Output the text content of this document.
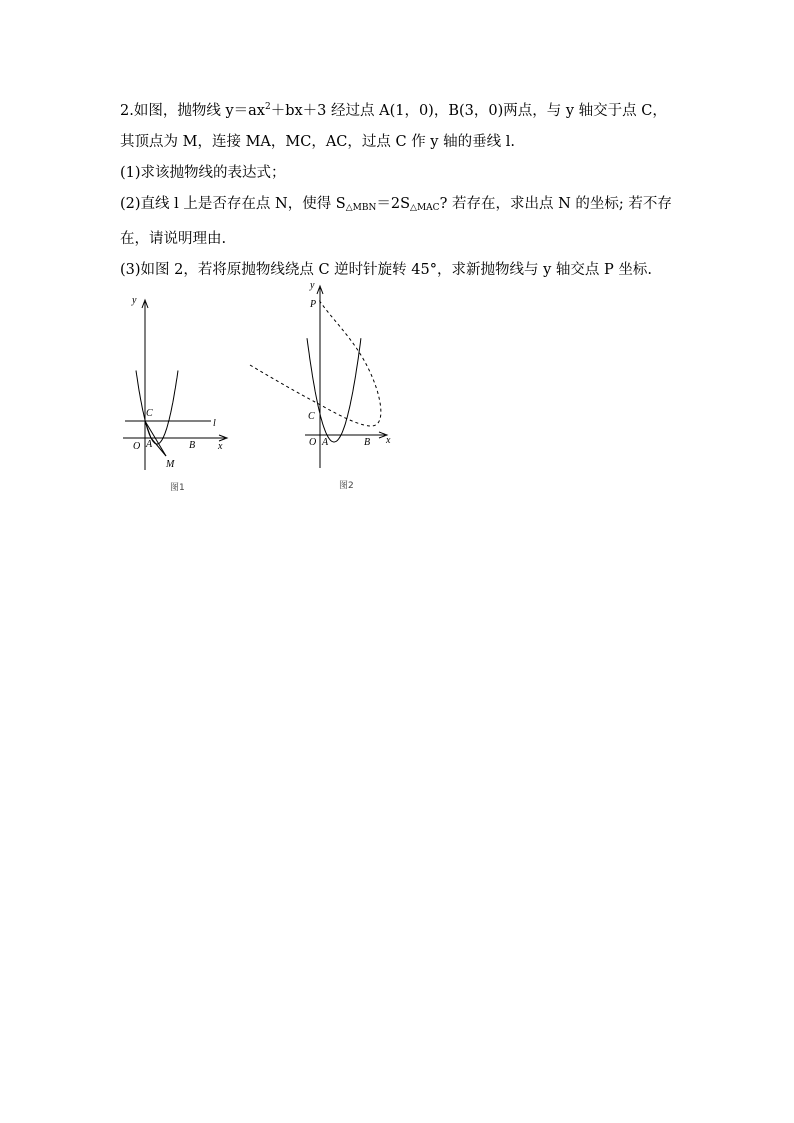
2.如图，抛物线 $y=ax^2+bx+3$ 经过点 A(1，0)，B(3，0)两点，与 y 轴交于点 C，
其顶点为 M，连接 MA，MC，AC，过点 C 作 y 轴的垂线 l.
(1)求该抛物线的表达式；
(2)直线 l 上是否存在点 N，使得 $S_{\triangle MBN}=2S_{\triangle MAC}$? 若存在，求出点 N 的坐标; 若不存
在，请说明理由.
(3)如图 2，若将原抛物线绕点 C 逆时针旋转 45°，求新抛物线与 y 轴交点 P 坐标.
y
x
O A	B
C
M
l
图1
y
x
O A	B
C
P
图2
